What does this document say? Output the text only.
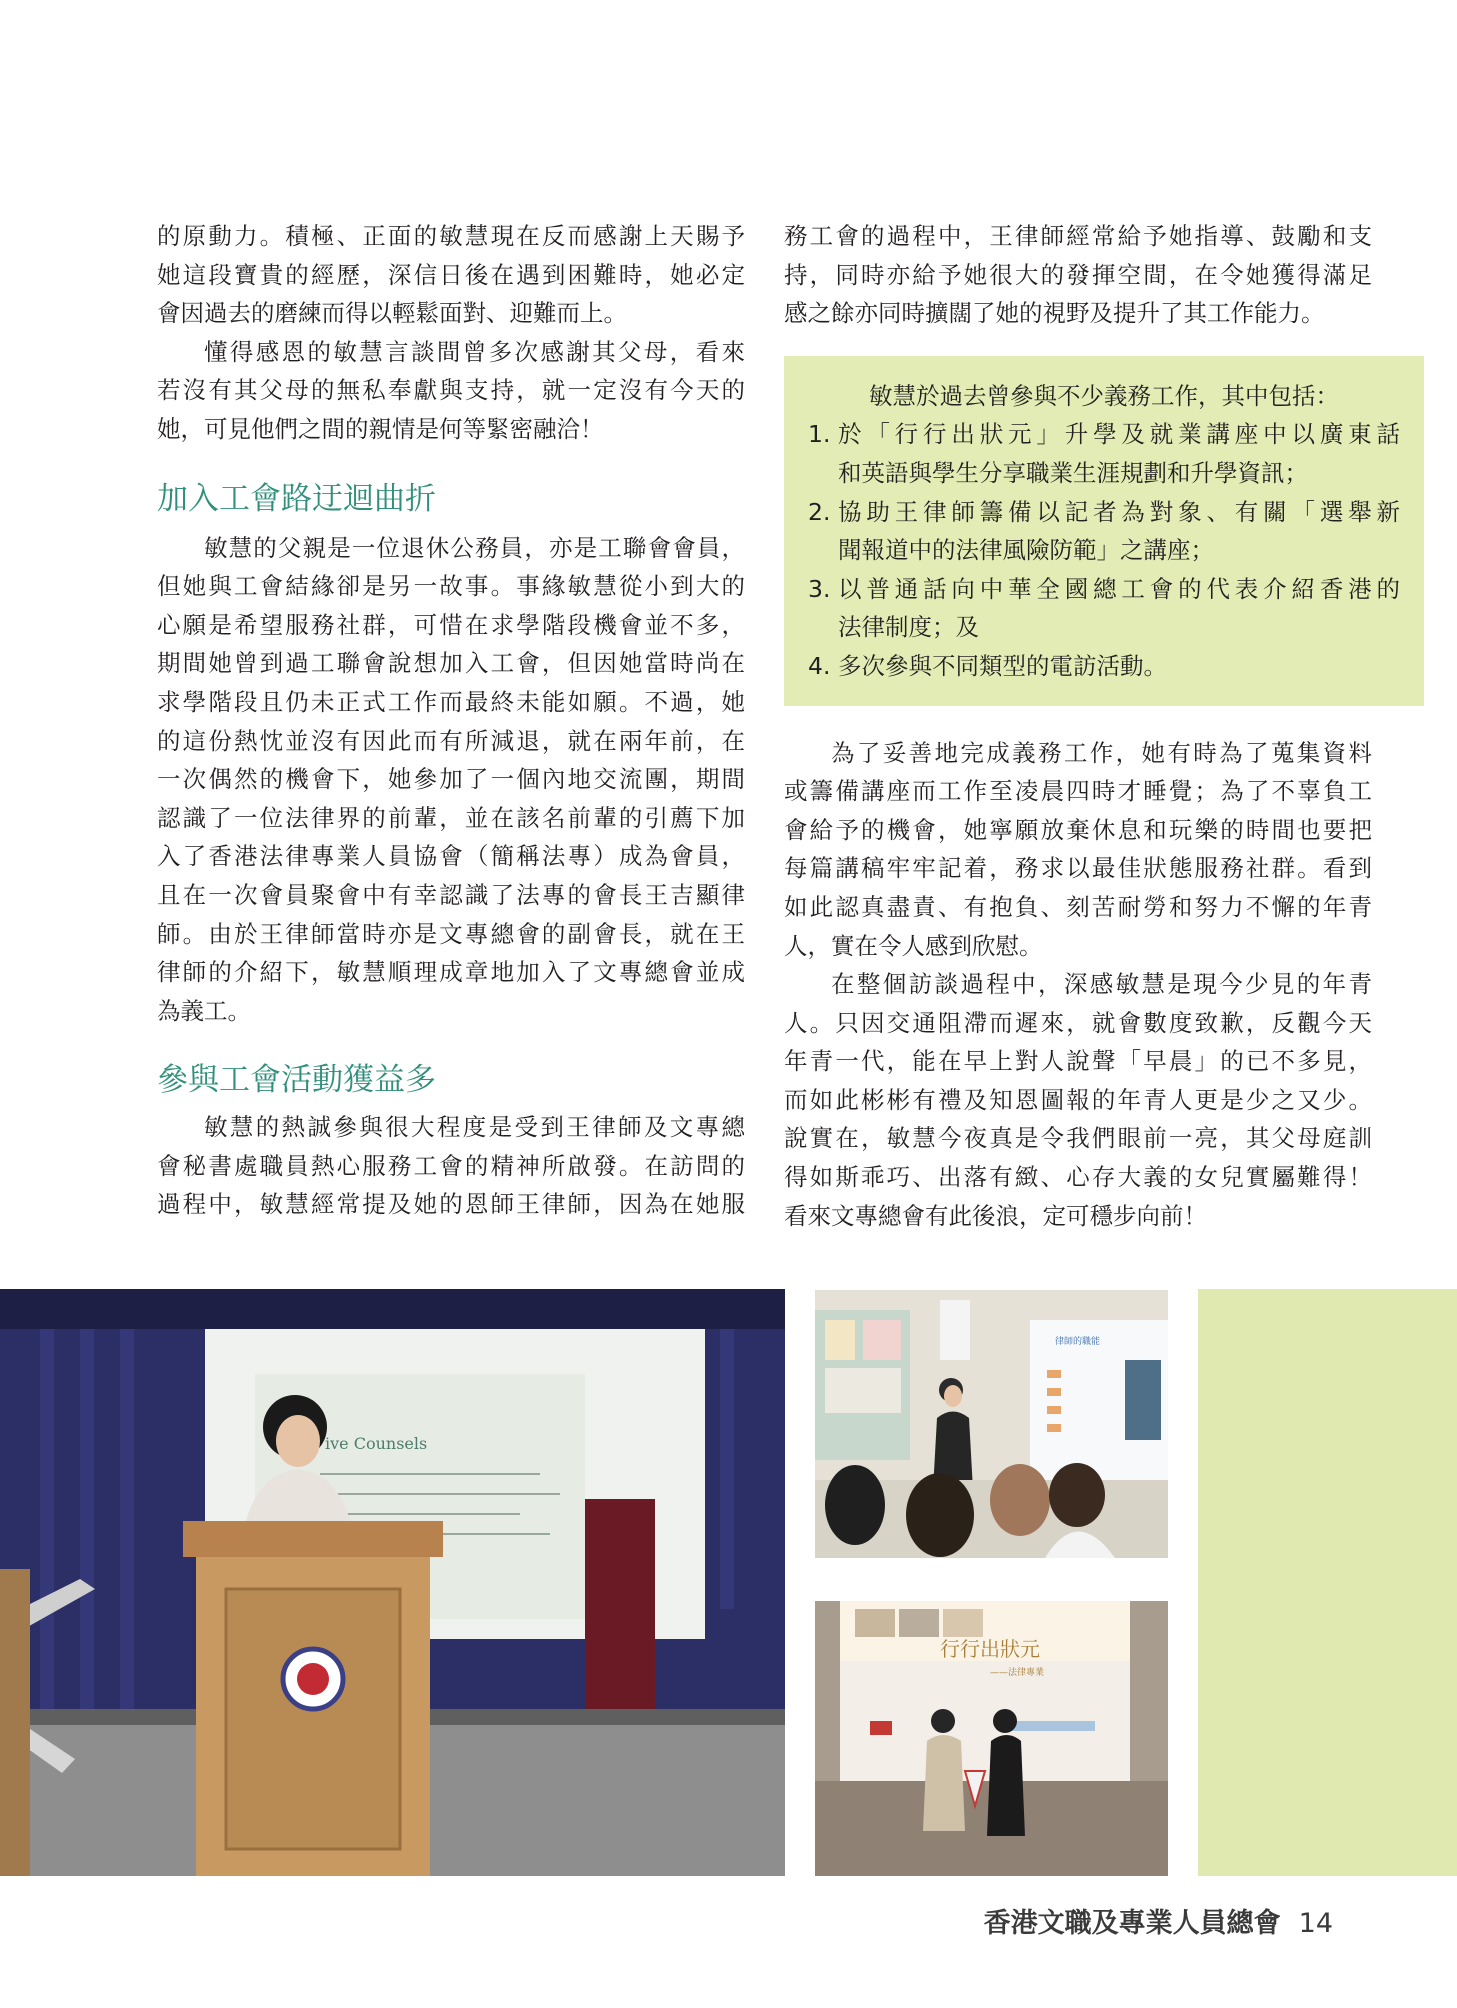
的原動力。積極、正面的敏慧現在反而感謝上天賜予

她這段寶貴的經歷，深信日後在遇到困難時，她必定

會因過去的磨練而得以輕鬆面對、迎難而上。

懂得感恩的敏慧言談間曾多次感謝其父母，看來

若沒有其父母的無私奉獻與支持，就一定沒有今天的

她，可見他們之間的親情是何等緊密融洽！

加入工會路迂迴曲折

敏慧的父親是一位退休公務員，亦是工聯會會員，

但她與工會結緣卻是另一故事。事緣敏慧從小到大的

心願是希望服務社群，可惜在求學階段機會並不多，

期間她曾到過工聯會說想加入工會，但因她當時尚在

求學階段且仍未正式工作而最終未能如願。不過，她

的這份熱忱並沒有因此而有所減退，就在兩年前，在

一次偶然的機會下，她參加了一個內地交流團，期間

認識了一位法律界的前輩，並在該名前輩的引薦下加

入了香港法律專業人員協會（簡稱法專）成為會員，

且在一次會員聚會中有幸認識了法專的會長王吉顯律

師。由於王律師當時亦是文專總會的副會長，就在王

律師的介紹下，敏慧順理成章地加入了文專總會並成

為義工。

參與工會活動獲益多

敏慧的熱誠參與很大程度是受到王律師及文專總

會秘書處職員熱心服務工會的精神所啟發。在訪問的

過程中，敏慧經常提及她的恩師王律師，因為在她服

務工會的過程中，王律師經常給予她指導、鼓勵和支

持，同時亦給予她很大的發揮空間，在令她獲得滿足

感之餘亦同時擴闊了她的視野及提升了其工作能力。

敏慧於過去曾參與不少義務工作，其中包括：

1. 於「行行出狀元」升學及就業講座中以廣東話

和英語與學生分享職業生涯規劃和升學資訊；

2. 協助王律師籌備以記者為對象、有關「選舉新

聞報道中的法律風險防範」之講座；

3. 以普通話向中華全國總工會的代表介紹香港的

法律制度；及

4. 多次參與不同類型的電訪活動。

為了妥善地完成義務工作，她有時為了蒐集資料

或籌備講座而工作至凌晨四時才睡覺；為了不辜負工

會給予的機會，她寧願放棄休息和玩樂的時間也要把

每篇講稿牢牢記着，務求以最佳狀態服務社群。看到

如此認真盡責、有抱負、刻苦耐勞和努力不懈的年青

人，實在令人感到欣慰。

在整個訪談過程中，深感敏慧是現今少見的年青

人。只因交通阻滯而遲來，就會數度致歉，反觀今天

年青一代，能在早上對人說聲「早晨」的已不多見，

而如此彬彬有禮及知恩圖報的年青人更是少之又少。

說實在，敏慧今夜真是令我們眼前一亮，其父母庭訓

得如斯乖巧、出落有緻、心存大義的女兒實屬難得！

看來文專總會有此後浪，定可穩步向前！

ive Counsels
律師的職能
行行出狀元
——法律專業
香港文職及專業人員總會 14
